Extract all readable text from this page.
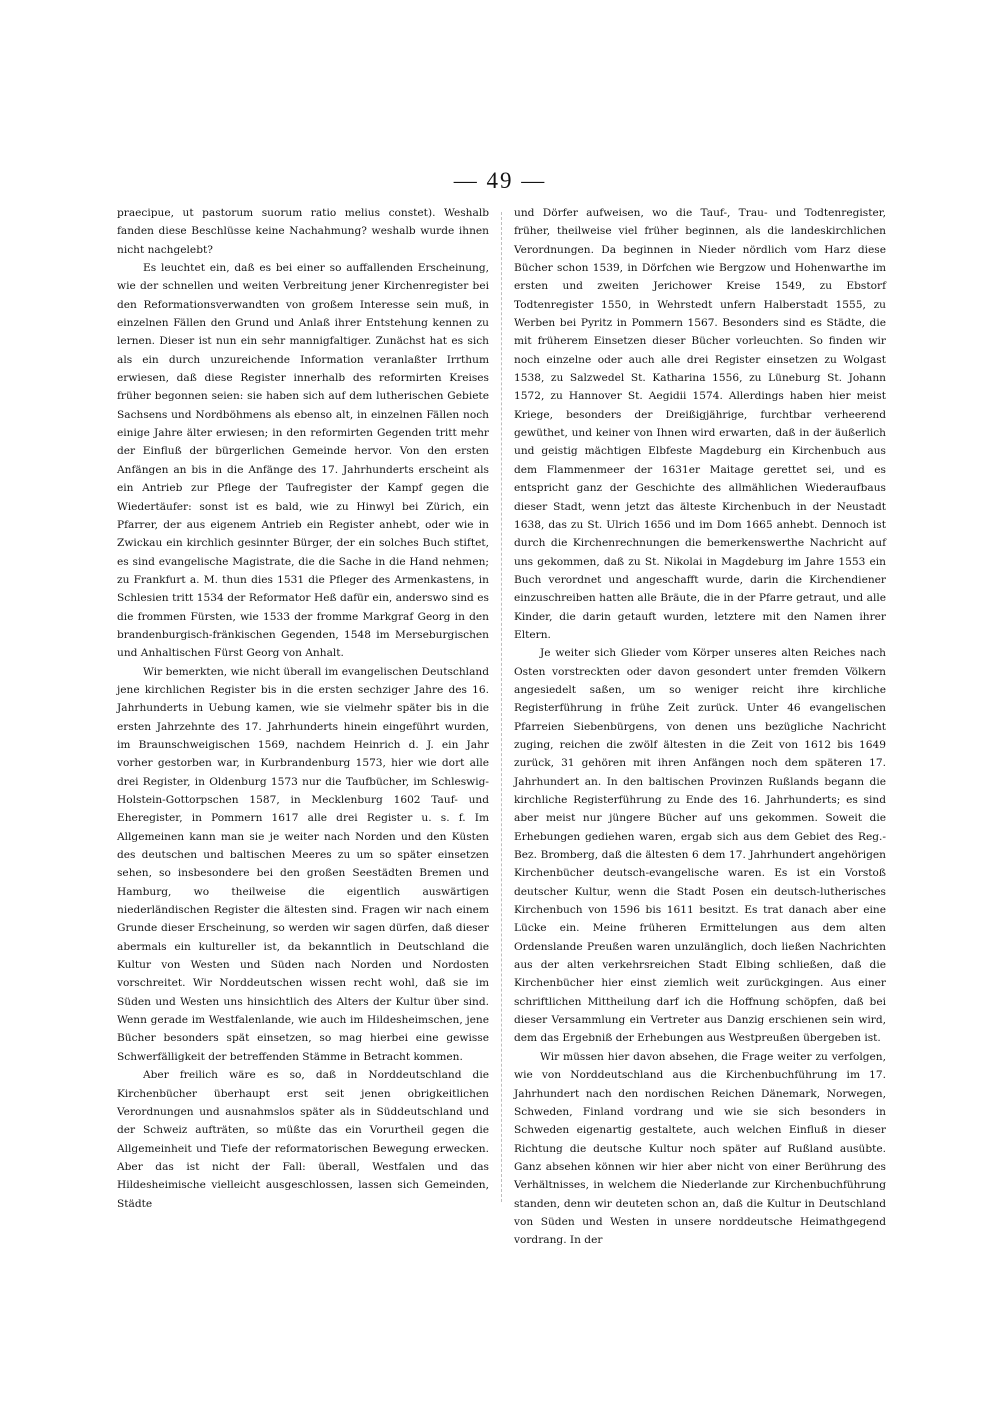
— 49 —

praecipue, ut pastorum suorum ratio melius constet). Weshalb fanden diese Beschlüsse keine Nachahmung? weshalb wurde ihnen nicht nachgelebt?

Es leuchtet ein, daß es bei einer so auffallenden Erscheinung, wie der schnellen und weiten Verbreitung jener Kirchenregister bei den Reformationsverwandten von großem Interesse sein muß, in einzelnen Fällen den Grund und Anlaß ihrer Entstehung kennen zu lernen. Dieser ist nun ein sehr mannigfaltiger. Zunächst hat es sich als ein durch unzureichende Information veranlaßter Irrthum erwiesen, daß diese Register innerhalb des reformirten Kreises früher begonnen seien: sie haben sich auf dem lutherischen Gebiete Sachsens und Nordböhmens als ebenso alt, in einzelnen Fällen noch einige Jahre älter erwiesen; in den reformirten Gegenden tritt mehr der Einfluß der bürgerlichen Gemeinde hervor. Von den ersten Anfängen an bis in die Anfänge des 17. Jahrhunderts erscheint als ein Antrieb zur Pflege der Taufregister der Kampf gegen die Wiedertäufer: sonst ist es bald, wie zu Hinwyl bei Zürich, ein Pfarrer, der aus eigenem Antrieb ein Register anhebt, oder wie in Zwickau ein kirchlich gesinnter Bürger, der ein solches Buch stiftet, es sind evangelische Magistrate, die die Sache in die Hand nehmen; zu Frankfurt a. M. thun dies 1531 die Pfleger des Armenkastens, in Schlesien tritt 1534 der Reformator Heß dafür ein, anderswo sind es die frommen Fürsten, wie 1533 der fromme Markgraf Georg in den brandenburgisch-fränkischen Gegenden, 1548 im Merseburgischen und Anhaltischen Fürst Georg von Anhalt.

Wir bemerkten, wie nicht überall im evangelischen Deutschland jene kirchlichen Register bis in die ersten sechziger Jahre des 16. Jahrhunderts in Uebung kamen, wie sie vielmehr später bis in die ersten Jahrzehnte des 17. Jahrhunderts hinein eingeführt wurden, im Braunschweigischen 1569, nachdem Heinrich d. J. ein Jahr vorher gestorben war, in Kurbrandenburg 1573, hier wie dort alle drei Register, in Oldenburg 1573 nur die Taufbücher, im Schleswig-Holstein-Gottorpschen 1587, in Mecklenburg 1602 Tauf- und Eheregister, in Pommern 1617 alle drei Register u. s. f. Im Allgemeinen kann man sie je weiter nach Norden und den Küsten des deutschen und baltischen Meeres zu um so später einsetzen sehen, so insbesondere bei den großen Seestädten Bremen und Hamburg, wo theilweise die eigentlich auswärtigen niederländischen Register die ältesten sind. Fragen wir nach einem Grunde dieser Erscheinung, so werden wir sagen dürfen, daß dieser abermals ein kultureller ist, da bekanntlich in Deutschland die Kultur von Westen und Süden nach Norden und Nordosten vorschreitet. Wir Norddeutschen wissen recht wohl, daß sie im Süden und Westen uns hinsichtlich des Alters der Kultur über sind. Wenn gerade im Westfalenlande, wie auch im Hildesheimschen, jene Bücher besonders spät einsetzen, so mag hierbei eine gewisse Schwerfälligkeit der betreffenden Stämme in Betracht kommen.

Aber freilich wäre es so, daß in Norddeutschland die Kirchenbücher überhaupt erst seit jenen obrigkeitlichen Verordnungen und ausnahmslos später als in Süddeutschland und der Schweiz aufträten, so müßte das ein Vorurtheil gegen die Allgemeinheit und Tiefe der reformatorischen Bewegung erwecken. Aber das ist nicht der Fall: überall, Westfalen und das Hildesheimische vielleicht ausgeschlossen, lassen sich Gemeinden, Städte

und Dörfer aufweisen, wo die Tauf-, Trau- und Todtenregister, früher, theilweise viel früher beginnen, als die landeskirchlichen Verordnungen. Da beginnen in Nieder nördlich vom Harz diese Bücher schon 1539, in Dörfchen wie Bergzow und Hohenwarthe im ersten und zweiten Jerichower Kreise 1549, zu Ebstorf Todtenregister 1550, in Wehrstedt unfern Halberstadt 1555, zu Werben bei Pyritz in Pommern 1567. Besonders sind es Städte, die mit früherem Einsetzen dieser Bücher vorleuchten. So finden wir noch einzelne oder auch alle drei Register einsetzen zu Wolgast 1538, zu Salzwedel St. Katharina 1556, zu Lüneburg St. Johann 1572, zu Hannover St. Aegidii 1574. Allerdings haben hier meist Kriege, besonders der Dreißigjährige, furchtbar verheerend gewüthet, und keiner von Ihnen wird erwarten, daß in der äußerlich und geistig mächtigen Elbfeste Magdeburg ein Kirchenbuch aus dem Flammenmeer der 1631er Maitage gerettet sei, und es entspricht ganz der Geschichte des allmählichen Wiederaufbaus dieser Stadt, wenn jetzt das älteste Kirchenbuch in der Neustadt 1638, das zu St. Ulrich 1656 und im Dom 1665 anhebt. Dennoch ist durch die Kirchenrechnungen die bemerkenswerthe Nachricht auf uns gekommen, daß zu St. Nikolai in Magdeburg im Jahre 1553 ein Buch verordnet und angeschafft wurde, darin die Kirchendiener einzuschreiben hatten alle Bräute, die in der Pfarre getraut, und alle Kinder, die darin getauft wurden, letztere mit den Namen ihrer Eltern.

Je weiter sich Glieder vom Körper unseres alten Reiches nach Osten vorstreckten oder davon gesondert unter fremden Völkern angesiedelt saßen, um so weniger reicht ihre kirchliche Registerführung in frühe Zeit zurück. Unter 46 evangelischen Pfarreien Siebenbürgens, von denen uns bezügliche Nachricht zuging, reichen die zwölf ältesten in die Zeit von 1612 bis 1649 zurück, 31 gehören mit ihren Anfängen noch dem späteren 17. Jahrhundert an. In den baltischen Provinzen Rußlands begann die kirchliche Registerführung zu Ende des 16. Jahrhunderts; es sind aber meist nur jüngere Bücher auf uns gekommen. Soweit die Erhebungen gediehen waren, ergab sich aus dem Gebiet des Reg.-Bez. Bromberg, daß die ältesten 6 dem 17. Jahrhundert angehörigen Kirchenbücher deutsch-evangelische waren. Es ist ein Vorstoß deutscher Kultur, wenn die Stadt Posen ein deutsch-lutherisches Kirchenbuch von 1596 bis 1611 besitzt. Es trat danach aber eine Lücke ein. Meine früheren Ermittelungen aus dem alten Ordenslande Preußen waren unzulänglich, doch ließen Nachrichten aus der alten verkehrsreichen Stadt Elbing schließen, daß die Kirchenbücher hier einst ziemlich weit zurückgingen. Aus einer schriftlichen Mittheilung darf ich die Hoffnung schöpfen, daß bei dieser Versammlung ein Vertreter aus Danzig erschienen sein wird, dem das Ergebniß der Erhebungen aus Westpreußen übergeben ist.

Wir müssen hier davon absehen, die Frage weiter zu verfolgen, wie von Norddeutschland aus die Kirchenbuchführung im 17. Jahrhundert nach den nordischen Reichen Dänemark, Norwegen, Schweden, Finland vordrang und wie sie sich besonders in Schweden eigenartig gestaltete, auch welchen Einfluß in dieser Richtung die deutsche Kultur noch später auf Rußland ausübte. Ganz absehen können wir hier aber nicht von einer Berührung des Verhältnisses, in welchem die Niederlande zur Kirchenbuchführung standen, denn wir deuteten schon an, daß die Kultur in Deutschland von Süden und Westen in unsere norddeutsche Heimathgegend vordrang. In der
